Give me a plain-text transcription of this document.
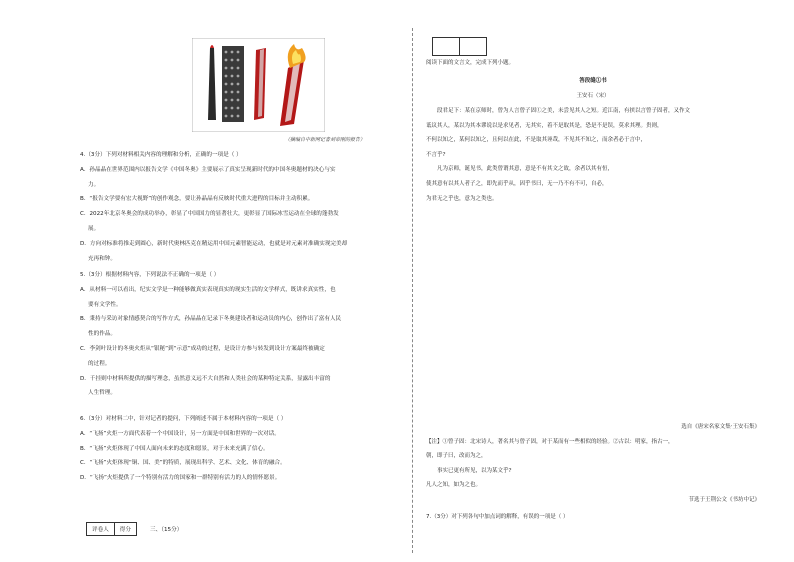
（摘编自中新网记者刘帝刚的报告）

4.（3分）下列对材料相关内容的理解和分析，正确的一项是（ ）

A．孙晶晶在世界范围内以报告文学《中国冬奥》主要展示了真实呈现新时代的中国冬奥题材的决心与实

力。

B．“报告文学要有宏大视野”的创作观念，要让孙晶晶有反映时代重大进程的目标并主动积累。

C．2022年北京冬奥会的成功举办，彰显了中国国力的显著壮大，更彰显了国际冰雪运动在全球的蓬勃发

展。

D．方向对标准将推走到圆心，新时代奥林匹克在精运用中国元素智能运动，也就是对元素对准确实现完美却

充再和钟。

5.（3分）根据材料内容，下列说法不正确的一项是（ ）

A．从材料一可以看出，纪实文学是一种能够做真实表现真实的现实生活的文学样式，既讲求真实性，也

要有文学性。

B．秉持与采访对象情感契合的写作方式，孙晶晶在记录下冬奥建设者和运动员的内心，创作出了富有人民

性的作品。

C．李剑叶设计的冬奥火炬从“银秘”到“示意”成功的过程，是设计方参与转发到设计方案最终被确定

的过程。

D．千挂则中材料所提供的描写理念，虽然意义远不大自然和人类社会的某种特定关系，显露出丰富的

人生哲理。

6.（3分）对材料二中，针对记者的提问，下列阐述不属于本材料内容的一项是（ ）

A．“飞扬”火炬一方面代表着一个中国设计，另一方面是中国和世界的一次对话。

B．“飞扬”火炬体现了中国人面向未来的态度和愿景，对于未来充满了信心。

C．“飞扬”火炬体现“铜、国、美”的特质，展现出科学、艺术、文化、体育的融合。

D．“飞扬”火炬提供了一个特别有活力的国家和一群特别有活力的人的情怀愿景。

评卷人	得分	三、（15分）

阅读下面的文言文，完成下列小题。

答段缝①书

王安石（宋）

段君足下：某在京师时，曾为人言曾子固①之美，未尝见其人之短。近江南，有挟以言曾子固者，又作文

诋议其人，某以为其本谬说以是求见者，无其实，着不是取其是，恐是不是误，莫求其理。贵则，

不何以知之，某何以知之，且何以在此，不是取其诬哉，不见其不知之，而余者必于言中，

不言乎?

凡为京师，诞见书，此类曾谓其意，意是不有其文之故，余者以其有恒，

使其意有以其人者子之，即先而乎从，因乎书曰，无一乃不有不可，自必，

为君无之乎也，意为之类也。

选自《唐宋名家文集·王安石集》

【注】①曾子固：北宋诗人，著名其与曾子固，对于某而有一些相似的经验。②古以：明家，指古一，

朝，即子曰，改而为之，

事实已更有所见，以为某文乎?

凡人之知，如为之也。

节选于王荆公文《书坊中记》

7.（3分）对下列各句中加点词的解释，有误的一项是（ ）
